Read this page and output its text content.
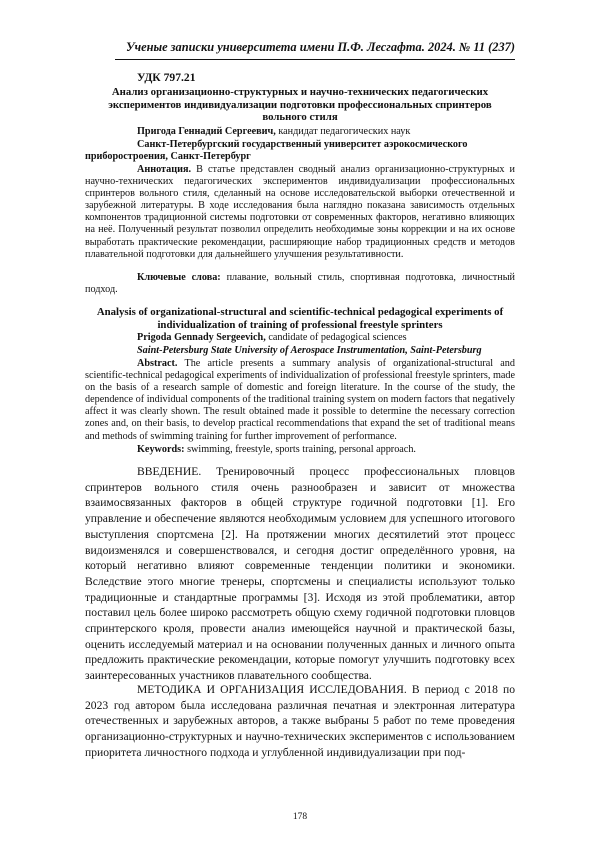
Ученые записки университета имени П.Ф. Лесгафта. 2024. № 11 (237)
УДК 797.21
Анализ организационно-структурных и научно-технических педагогических экспериментов индивидуализации подготовки профессиональных спринтеров вольного стиля
Пригода Геннадий Сергеевич, кандидат педагогических наук
Санкт-Петербургский государственный университет аэрокосмического приборостроения, Санкт-Петербург
Аннотация. В статье представлен сводный анализ организационно-структурных и научно-технических педагогических экспериментов индивидуализации профессиональных спринтеров вольного стиля, сделанный на основе исследовательской выборки отечественной и зарубежной литературы. В ходе исследования была наглядно показана зависимость отдельных компонентов традиционной системы подготовки от современных факторов, негативно влияющих на неё. Полученный результат позволил определить необходимые зоны коррекции и на их основе выработать практические рекомендации, расширяющие набор традиционных средств и методов плавательной подготовки для дальнейшего улучшения результативности.
Ключевые слова: плавание, вольный стиль, спортивная подготовка, личностный подход.
Analysis of organizational-structural and scientific-technical pedagogical experiments of individualization of training of professional freestyle sprinters
Prigoda Gennady Sergeevich, candidate of pedagogical sciences
Saint-Petersburg State University of Aerospace Instrumentation, Saint-Petersburg
Abstract. The article presents a summary analysis of organizational-structural and scientific-technical pedagogical experiments of individualization of professional freestyle sprinters, made on the basis of a research sample of domestic and foreign literature. In the course of the study, the dependence of individual components of the traditional training system on modern factors that negatively affect it was clearly shown. The result obtained made it possible to determine the necessary correction zones and, on their basis, to develop practical recommendations that expand the set of traditional means and methods of swimming training for further improvement of performance.
Keywords: swimming, freestyle, sports training, personal approach.
ВВЕДЕНИЕ. Тренировочный процесс профессиональных пловцов спринтеров вольного стиля очень разнообразен и зависит от множества взаимосвязанных факторов в общей структуре годичной подготовки [1]. Его управление и обеспечение являются необходимым условием для успешного итогового выступления спортсмена [2]. На протяжении многих десятилетий этот процесс видоизменялся и совершенствовался, и сегодня достиг определённого уровня, на который негативно влияют современные тенденции политики и экономики. Вследствие этого многие тренеры, спортсмены и специалисты используют только традиционные и стандартные программы [3]. Исходя из этой проблематики, автор поставил цель более широко рассмотреть общую схему годичной подготовки пловцов спринтерского кроля, провести анализ имеющейся научной и практической базы, оценить исследуемый материал и на основании полученных данных и личного опыта предложить практические рекомендации, которые помогут улучшить подготовку всех заинтересованных участников плавательного сообщества.
МЕТОДИКА И ОРГАНИЗАЦИЯ ИССЛЕДОВАНИЯ. В период с 2018 по 2023 год автором была исследована различная печатная и электронная литература отечественных и зарубежных авторов, а также выбраны 5 работ по теме проведения организационно-структурных и научно-технических экспериментов с использованием приоритета личностного подхода и углубленной индивидуализации при под-
178
